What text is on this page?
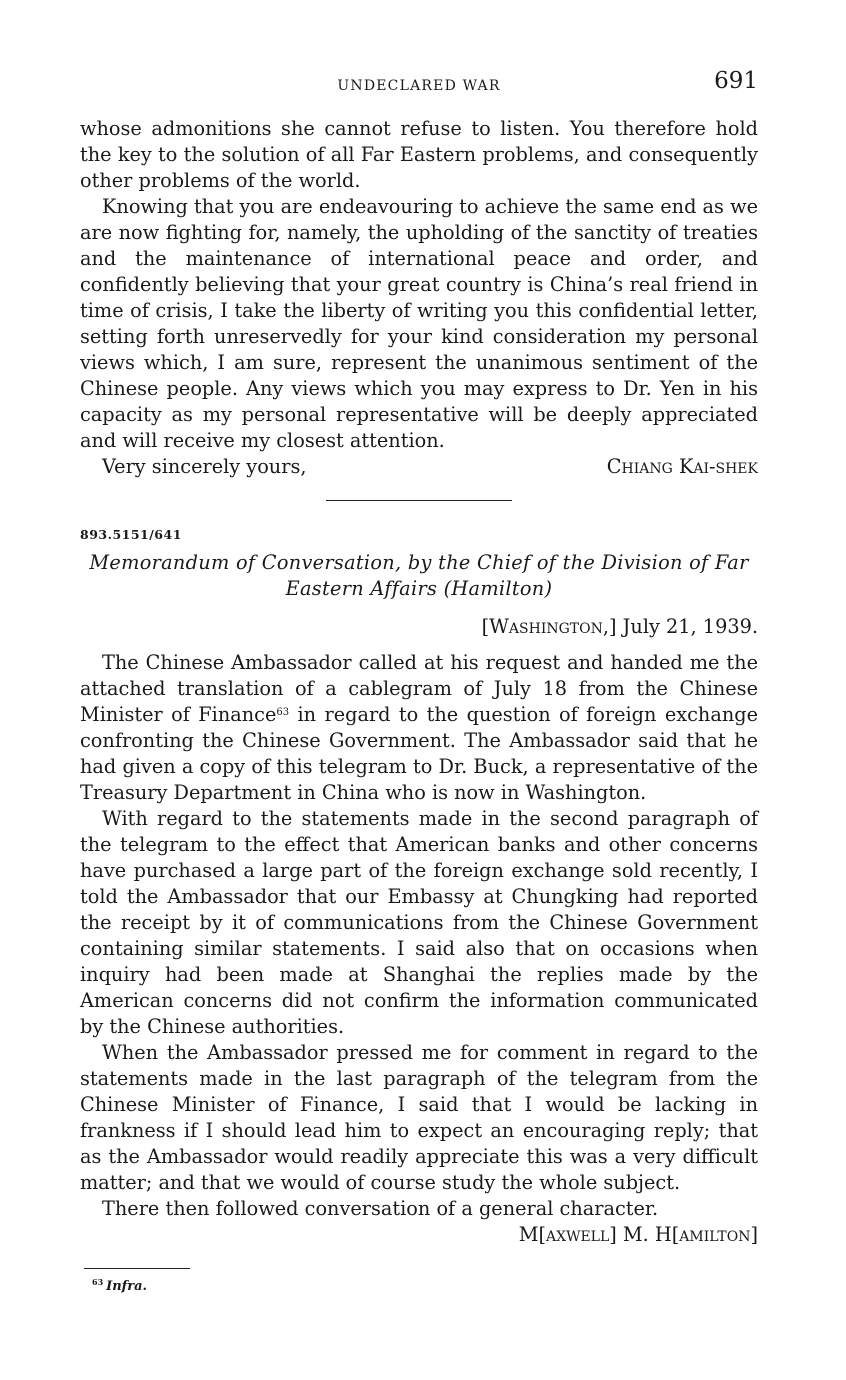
UNDECLARED WAR	691

whose admonitions she cannot refuse to listen. You therefore hold the key to the solution of all Far Eastern problems, and consequently other problems of the world.

Knowing that you are endeavouring to achieve the same end as we are now fighting for, namely, the upholding of the sanctity of treaties and the maintenance of international peace and order, and confidently believing that your great country is China’s real friend in time of crisis, I take the liberty of writing you this confidential letter, setting forth unreservedly for your kind consideration my personal views which, I am sure, represent the unanimous sentiment of the Chinese people. Any views which you may express to Dr. Yen in his capacity as my personal representative will be deeply appreciated and will receive my closest attention.

Very sincerely yours,	Chiang Kai-shek
893.5151/641
Memorandum of Conversation, by the Chief of the Division of Far
Eastern Affairs (Hamilton)
[Washington,] July 21, 1939.

The Chinese Ambassador called at his request and handed me the attached translation of a cablegram of July 18 from the Chinese Minister of Finance$^{63}$ in regard to the question of foreign exchange confronting the Chinese Government. The Ambassador said that he had given a copy of this telegram to Dr. Buck, a representative of the Treasury Department in China who is now in Washington.

With regard to the statements made in the second paragraph of the telegram to the effect that American banks and other concerns have purchased a large part of the foreign exchange sold recently, I told the Ambassador that our Embassy at Chungking had reported the receipt by it of communications from the Chinese Government containing similar statements. I said also that on occasions when inquiry had been made at Shanghai the replies made by the American concerns did not confirm the information communicated by the Chinese authorities.

When the Ambassador pressed me for comment in regard to the statements made in the last paragraph of the telegram from the Chinese Minister of Finance, I said that I would be lacking in frankness if I should lead him to expect an encouraging reply; that as the Ambassador would readily appreciate this was a very difficult matter; and that we would of course study the whole subject.

There then followed conversation of a general character.

M[axwell] M. H[amilton]
$^{63}$ Infra.
